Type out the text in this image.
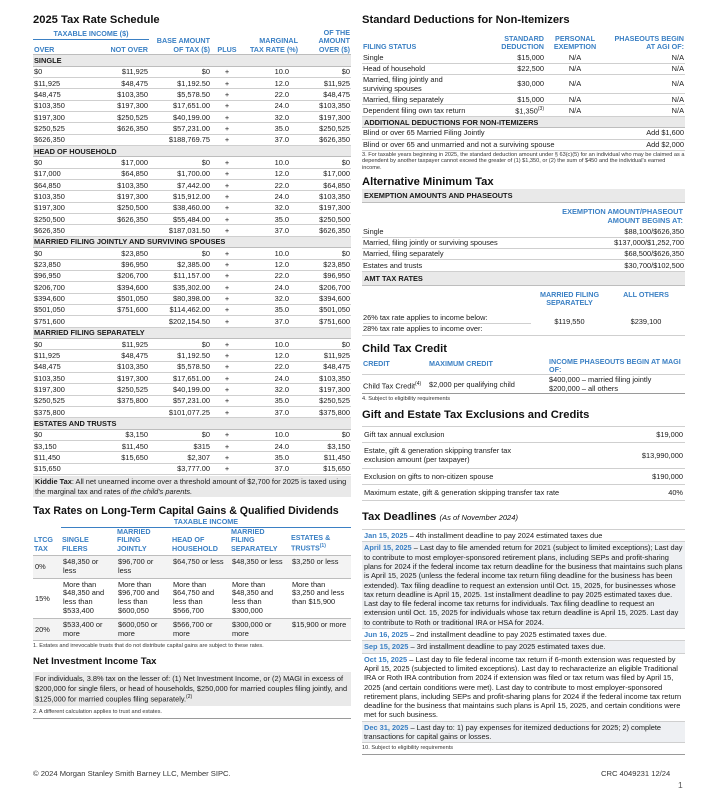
2025 Tax Rate Schedule
TAXABLE INCOME ($)		BASE AMOUNT OF TAX ($)	PLUS	MARGINAL TAX RATE (%)	OF THE AMOUNT OVER ($)
OVER	NOT OVER				
SINGLE					
$0	$11,925	$0	+	10.0	$0
$11,925	$48,475	$1,192.50	+	12.0	$11,925
$48,475	$103,350	$5,578.50	+	22.0	$48,475
$103,350	$197,300	$17,651.00	+	24.0	$103,350
$197,300	$250,525	$40,199.00	+	32.0	$197,300
$250,525	$626,350	$57,231.00	+	35.0	$250,525
$626,350		$188,769.75	+	37.0	$626,350
HEAD OF HOUSEHOLD					
$0	$17,000	$0	+	10.0	$0
$17,000	$64,850	$1,700.00	+	12.0	$17,000
$64,850	$103,350	$7,442.00	+	22.0	$64,850
$103,350	$197,300	$15,912.00	+	24.0	$103,350
$197,300	$250,500	$38,460.00	+	32.0	$197,300
$250,500	$626,350	$55,484.00	+	35.0	$250,500
$626,350		$187,031.50	+	37.0	$626,350
MARRIED FILING JOINTLY AND SURVIVING SPOUSES					
$0	$23,850	$0	+	10.0	$0
$23,850	$96,950	$2,385.00	+	12.0	$23,850
$96,950	$206,700	$11,157.00	+	22.0	$96,950
$206,700	$394,600	$35,302.00	+	24.0	$206,700
$394,600	$501,050	$80,398.00	+	32.0	$394,600
$501,050	$751,600	$114,462.00	+	35.0	$501,050
$751,600		$202,154.50	+	37.0	$751,600
MARRIED FILING SEPARATELY					
$0	$11,925	$0	+	10.0	$0
$11,925	$48,475	$1,192.50	+	12.0	$11,925
$48,475	$103,350	$5,578.50	+	22.0	$48,475
$103,350	$197,300	$17,651.00	+	24.0	$103,350
$197,300	$250,525	$40,199.00	+	32.0	$197,300
$250,525	$375,800	$57,231.00	+	35.0	$250,525
$375,800		$101,077.25	+	37.0	$375,800
ESTATES AND TRUSTS					
$0	$3,150	$0	+	10.0	$0
$3,150	$11,450	$315	+	24.0	$3,150
$11,450	$15,650	$2,307	+	35.0	$11,450
$15,650		$3,777.00	+	37.0	$15,650
Kiddie Tax: All net unearned income over a threshold amount of $2,700 for 2025 is taxed using the marginal tax and rates of the child's parents.
Tax Rates on Long-Term Capital Gains & Qualified Dividends
	TAXABLE INCOME				
LTCG TAX	SINGLE FILERS	MARRIED FILING JOINTLY	HEAD OF HOUSEHOLD	MARRIED FILING SEPARATELY	ESTATES & TRUSTS$^{(1)}$
0%	$48,350 or less	$96,700 or less	$64,750 or less	$48,350 or less	$3,250 or less
15%	More than $48,350 and less than $533,400	More than $96,700 and less than $600,050	More than $64,750 and less than $566,700	More than $48,350 and less than $300,000	More than $3,250 and less than $15,900
20%	$533,400 or more	$600,050 or more	$566,700 or more	$300,000 or more	$15,900 or more
1. Estates and irrevocable trusts that do not distribute capital gains are subject to these rates.
Net Investment Income Tax
For individuals, 3.8% tax on the lesser of: (1) Net Investment Income, or (2) MAGI in excess of $200,000 for single filers, or head of households, $250,000 for married couples filing jointly, and $125,000 for married couples filing separately.$^{(2)}$
2. A different calculation applies to trust and estates.
Standard Deductions for Non-Itemizers
FILING STATUS	STANDARD DEDUCTION	PERSONAL EXEMPTION	PHASEOUTS BEGIN AT AGI OF:
Single	$15,000	N/A	N/A
Head of household	$22,500	N/A	N/A
Married, filing jointly and surviving spouses	$30,000	N/A	N/A
Married, filing separately	$15,000	N/A	N/A
Dependent filing own tax return	$1,350$^{(3)}$	N/A	N/A
ADDITIONAL DEDUCTIONS FOR NON-ITEMIZERS
Blind or over 65 Married Filing Jointly	Add $1,600
Blind or over 65 and unmarried and not a surviving spouse	Add $2,000
3. For taxable years beginning in 2025, the standard deduction amount under § 63(c)(5) for an individual who may be claimed as a dependent by another taxpayer cannot exceed the greater of (1) $1,350, or (2) the sum of $450 and the individual's earned income.
Alternative Minimum Tax
EXEMPTION AMOUNTS AND PHASEOUTS
EXEMPTION AMOUNT/PHASEOUT AMOUNT BEGINS AT:
Single	$88,100/$626,350
Married, filing jointly or surviving spouses	$137,000/$1,252,700
Married, filing separately	$68,500/$626,350
Estates and trusts	$30,700/$102,500
AMT TAX RATES
	MARRIED FILING SEPARATELY	ALL OTHERS

26% tax rate applies to income below:
28% tax rate applies to income over:	$119,550	$239,100
Child Tax Credit
CREDIT	MAXIMUM CREDIT	INCOME PHASEOUTS BEGIN AT MAGI OF:
Child Tax Credit$^{(4)}$	$2,000 per qualifying child	$400,000 – married filing jointly
$200,000 – all others
4. Subject to eligibility requirements
Gift and Estate Tax Exclusions and Credits
Gift tax annual exclusion	$19,000
Estate, gift & generation skipping transfer tax exclusion amount (per taxpayer)	$13,990,000
Exclusion on gifts to non-citizen spouse	$190,000
Maximum estate, gift & generation skipping transfer tax rate	40%
Tax Deadlines (As of November 2024)
Jan 15, 2025 – 4th installment deadline to pay 2024 estimated taxes due
April 15, 2025 – Last day to file amended return for 2021 (subject to limited exceptions); Last day to contribute to most employer-sponsored retirement plans, including SEPs and profit-sharing plans for 2024 if the federal income tax return deadline for the business that maintains such plans is April 15, 2025 (unless the federal income tax return filing deadline for the business has been extended). Tax filing deadline to request an extension until Oct. 15, 2025, for businesses whose tax return deadline is April 15, 2025. 1st installment deadline to pay 2025 estimated taxes due. Last day to file federal income tax returns for individuals. Tax filing deadline to request an extension until Oct. 15, 2025 for individuals whose tax return deadline is April 15, 2025. Last day to contribute to Roth or traditional IRA or HSA for 2024.
Jun 16, 2025 – 2nd installment deadline to pay 2025 estimated taxes due.
Sep 15, 2025 – 3rd installment deadline to pay 2025 estimated taxes due.
Oct 15, 2025 – Last day to file federal income tax return if 6-month extension was requested by April 15, 2025 (subjected to limited exceptions). Last day to recharacterize an eligible Traditional IRA or Roth IRA contribution from 2024 if extension was filed or tax return was filed by April 15, 2025 (and certain conditions were met). Last day to contribute to most employer-sponsored retirement plans, including SEPs and profit-sharing plans for 2024 if the federal income tax return deadline for the business that maintains such plans is April 15, 2025, and certain conditions were met for such business.
Dec 31, 2025 – Last day to: 1) pay expenses for itemized deductions for 2025; 2) complete transactions for capital gains or losses.
10. Subject to eligibility requirements
© 2024 Morgan Stanley Smith Barney LLC, Member SIPC.	CRC 4049231 12/24
1
